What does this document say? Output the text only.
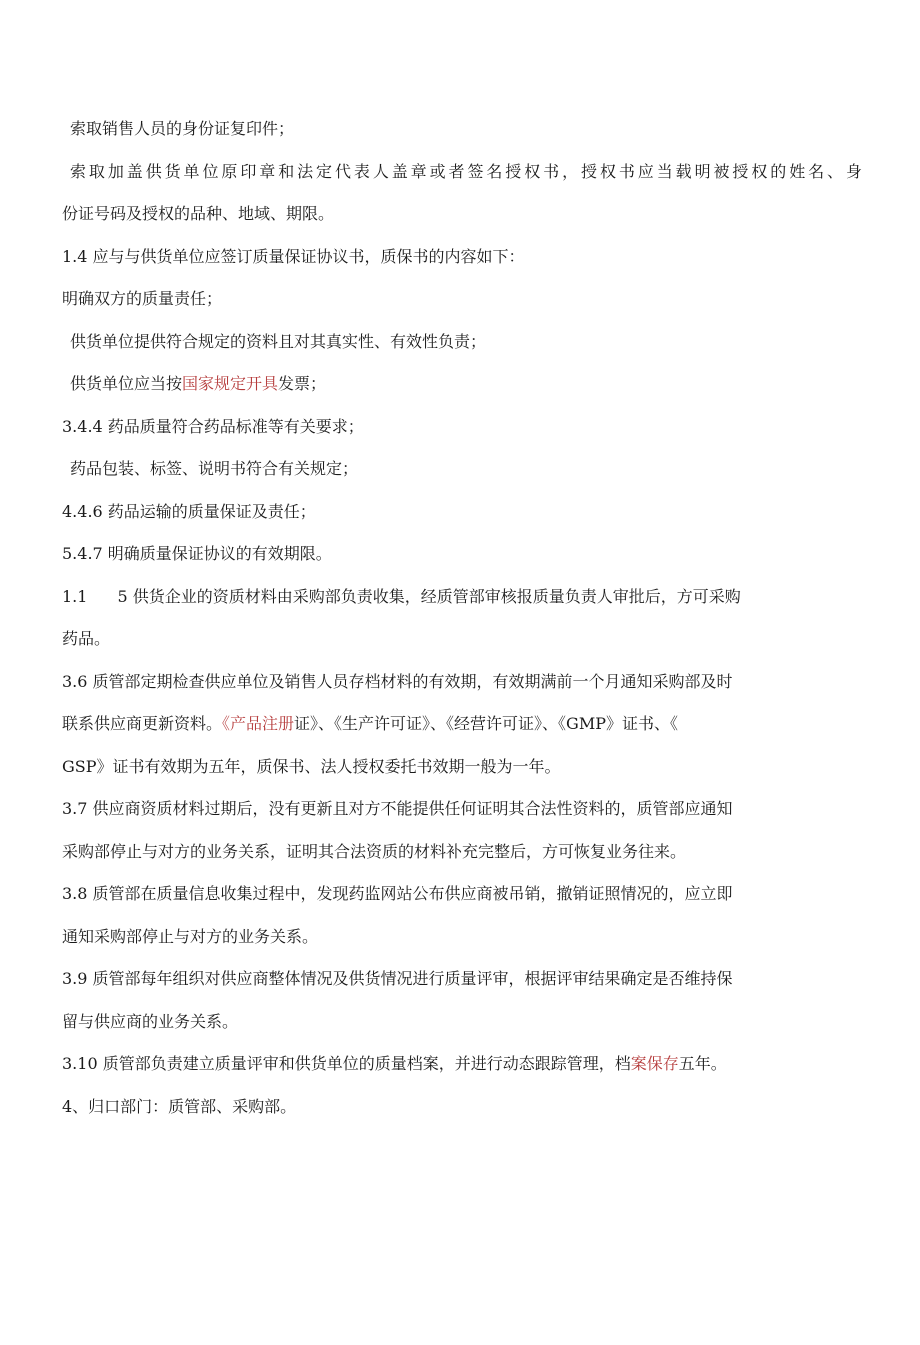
索取销售人员的身份证复印件；
索取加盖供货单位原印章和法定代表人盖章或者签名授权书，授权书应当载明被授权的姓名、身
份证号码及授权的品种、地域、期限。
1.4 应与与供货单位应签订质量保证协议书，质保书的内容如下：
明确双方的质量责任；
供货单位提供符合规定的资料且对其真实性、有效性负责；
供货单位应当按国家规定开具发票；
3.4.4 药品质量符合药品标准等有关要求；
药品包装、标签、说明书符合有关规定；
4.4.6 药品运输的质量保证及责任；
5.4.7 明确质量保证协议的有效期限。
1.1 5 供货企业的资质材料由采购部负责收集，经质管部审核报质量负责人审批后，方可采购
药品。
3.6 质管部定期检查供应单位及销售人员存档材料的有效期，有效期满前一个月通知采购部及时
联系供应商更新资料。《产品注册证》、《生产许可证》、《经营许可证》、《GMP》证书、《
GSP》证书有效期为五年，质保书、法人授权委托书效期一般为一年。
3.7 供应商资质材料过期后，没有更新且对方不能提供任何证明其合法性资料的，质管部应通知
采购部停止与对方的业务关系，证明其合法资质的材料补充完整后，方可恢复业务往来。
3.8 质管部在质量信息收集过程中，发现药监网站公布供应商被吊销，撤销证照情况的，应立即
通知采购部停止与对方的业务关系。
3.9 质管部每年组织对供应商整体情况及供货情况进行质量评审，根据评审结果确定是否维持保
留与供应商的业务关系。
3.10 质管部负责建立质量评审和供货单位的质量档案，并进行动态跟踪管理，档案保存五年。
4、归口部门：质管部、采购部。
